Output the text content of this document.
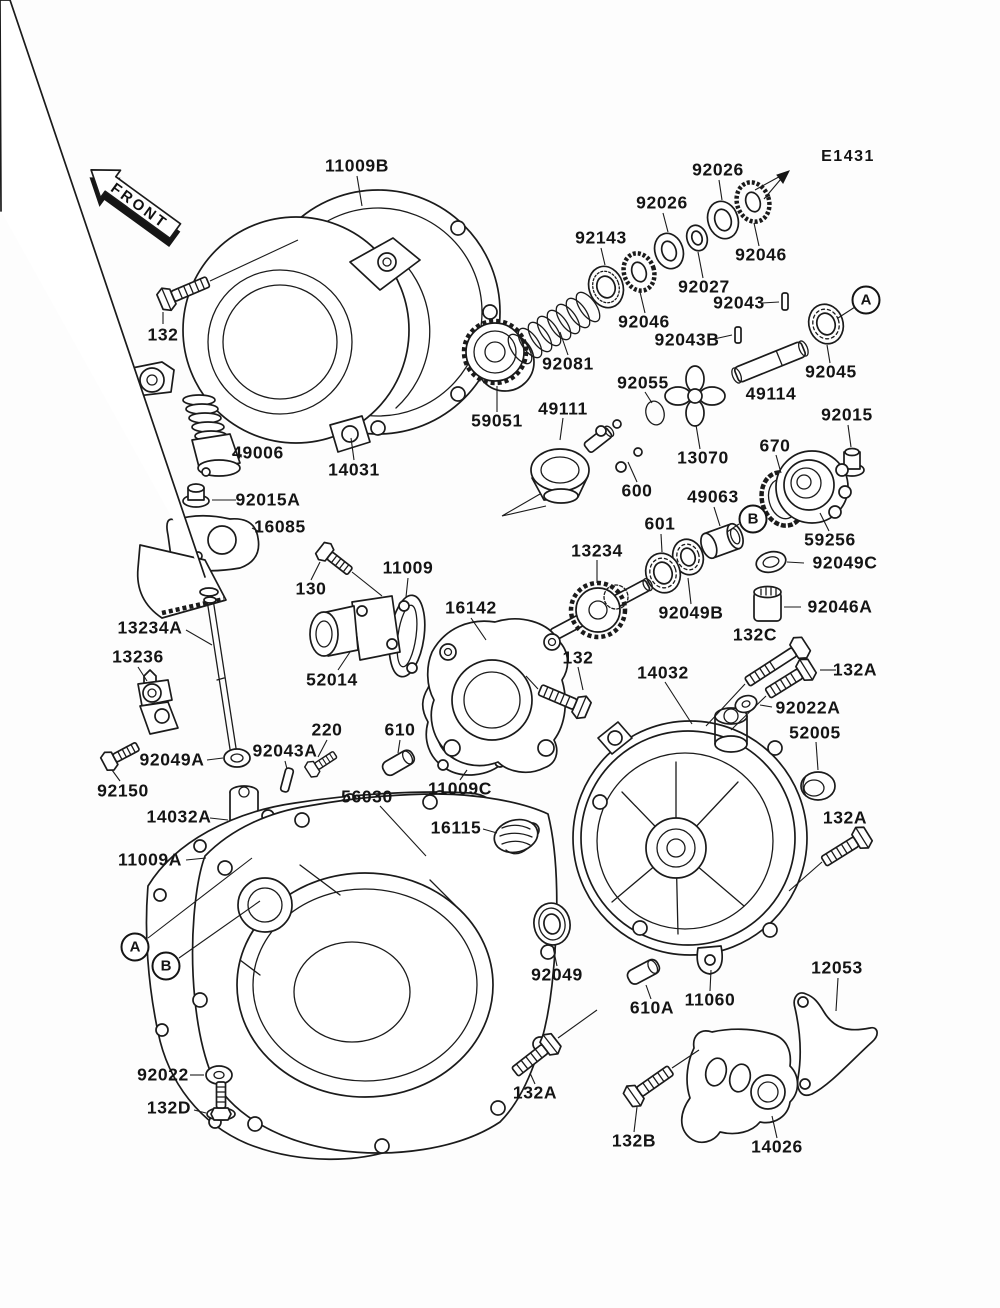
FRONT
11009B	E1431
92026
92026
92143
92046
92027
92043
132
92046
92043B
92081	92045
92055
49114
A
59051
49111	92015
49006
14031
13070
670
600 49063
92015A
16085	601	B
13234
59256
92049C
130
11009
92046A
16142
13234A
92049B
13236	132
132C
14032	132A
52014
92022A
52005
220 610
92043A
92049A
92150
14032A
56030 11009C
16115	132A
11009A
A
B	92049
610A 11060
12053
92022
132D
132A
132B	14026
